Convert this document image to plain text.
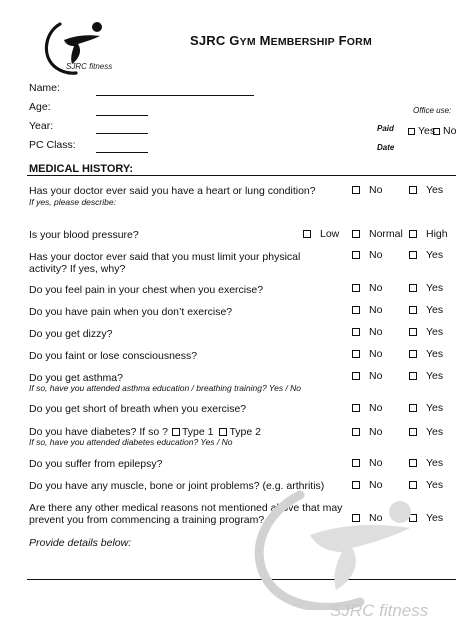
SJRC fitness
SJRC GYM MEMBERSHIP FORM
Name:
Age:
Year:
PC Class:
Office use:
Paid Yes No
Date
MEDICAL HISTORY:
Has your doctor ever said you have a heart or lung condition?
If yes, please describe:
No	Yes
Is your blood pressure?	Low	Normal High
Has your doctor ever said that you must limit your physical activity? If yes, why?
No	Yes
Do you feel pain in your chest when you exercise?	No	Yes
Do you have pain when you don’t exercise?	No	Yes
Do you get dizzy?	No	Yes
Do you faint or lose consciousness?	No	Yes
Do you get asthma?
If so, have you attended asthma education / breathing training? Yes / No
No	Yes
Do you get short of breath when you exercise?	No	Yes
Do you have diabetes? If so ? Type 1 Type 2
If so, have you attended diabetes education? Yes / No
No	Yes
Do you suffer from epilepsy?	No	Yes
Do you have any muscle, bone or joint problems? (e.g. arthritis)	No	Yes
Are there any other medical reasons not mentioned above that may prevent you from commencing a training program?	No	Yes
Provide details below:
SJRC fitness
